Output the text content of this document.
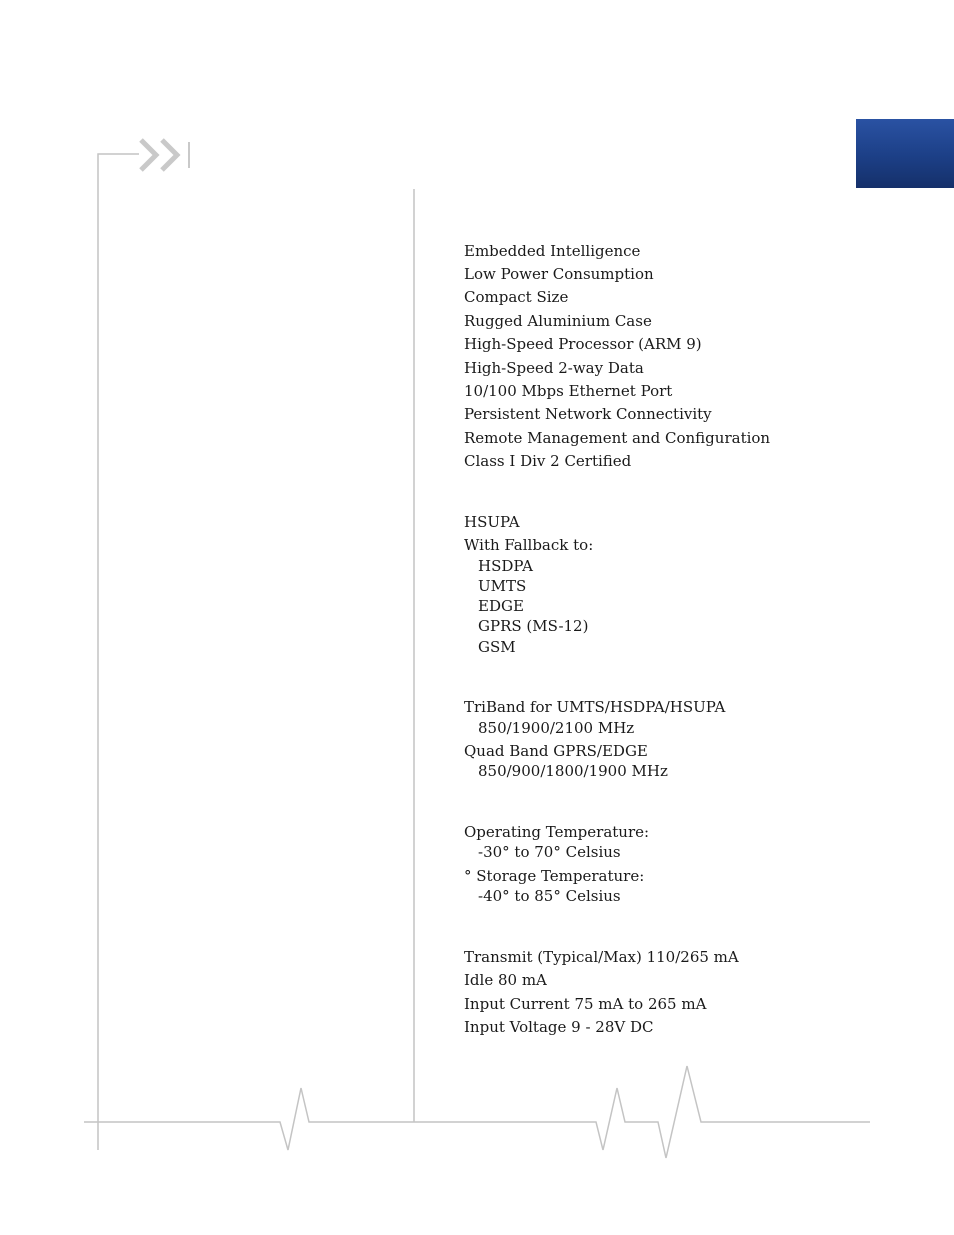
Embedded Intelligence
Low Power Consumption
Compact Size
Rugged Aluminium Case
High-Speed Processor (ARM 9)
High-Speed 2-way Data
10/100 Mbps Ethernet Port
Persistent Network Connectivity
Remote Management and Configuration
Class I Div 2 Certified
HSUPA
With Fallback to:
HSDPA
UMTS
EDGE
GPRS (MS-12)
GSM
TriBand for UMTS/HSDPA/HSUPA
850/1900/2100 MHz
Quad Band GPRS/EDGE
850/900/1800/1900 MHz
Operating Temperature:
-30° to 70° Celsius
° Storage Temperature:
-40° to 85° Celsius
Transmit (Typical/Max) 110/265 mA
Idle 80 mA
Input Current 75 mA to 265 mA
Input Voltage 9 - 28V DC
